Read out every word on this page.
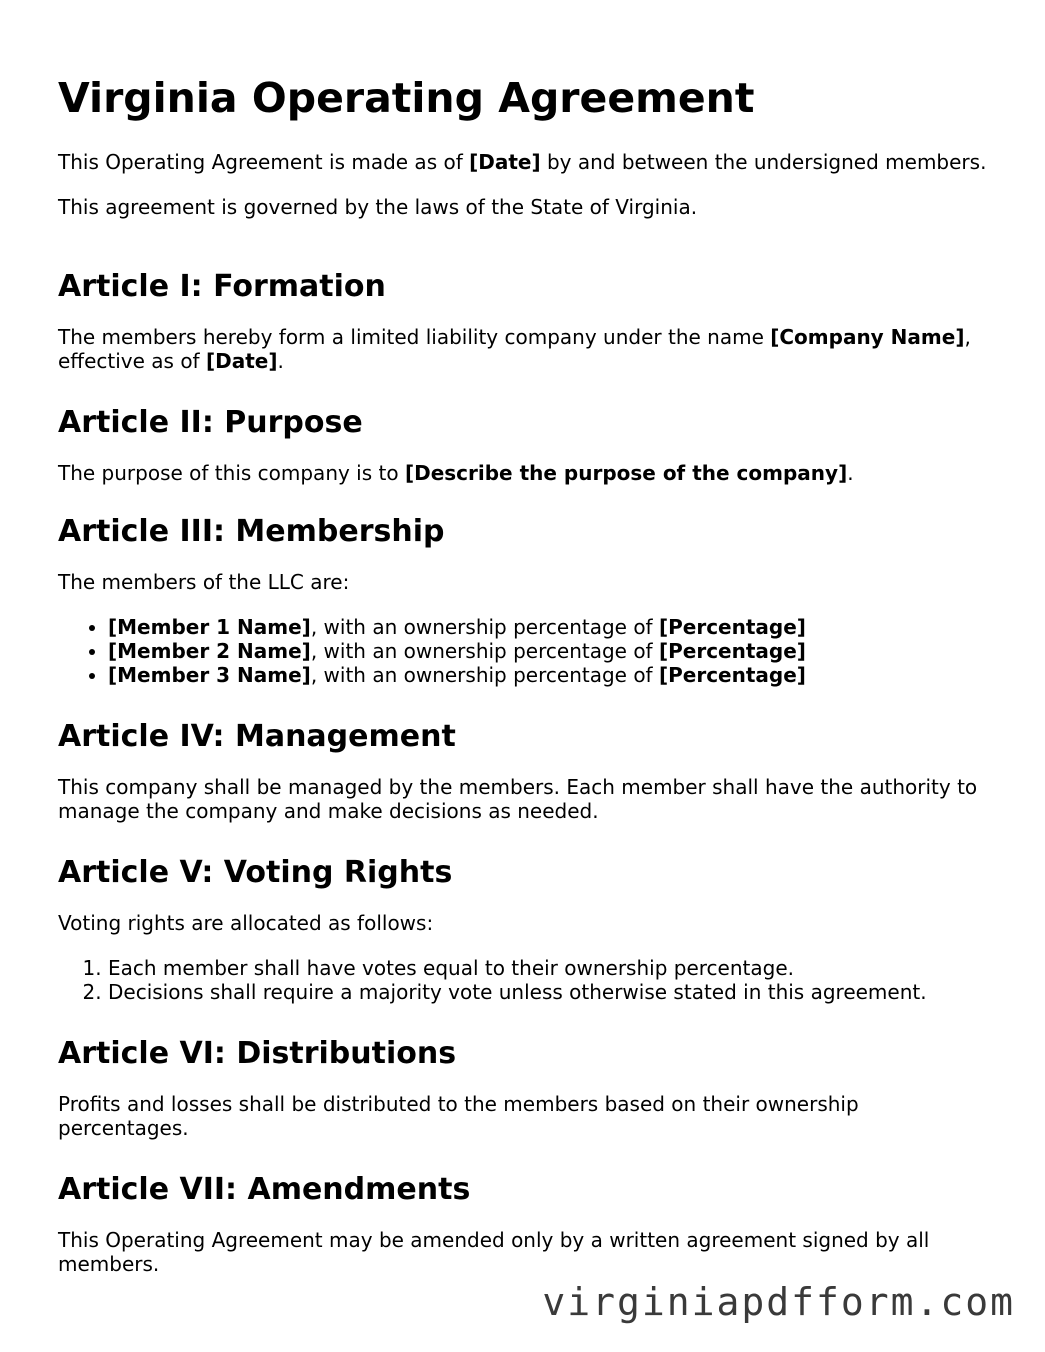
Virginia Operating Agreement

This Operating Agreement is made as of [Date] by and between the undersigned members.

This agreement is governed by the laws of the State of Virginia.

Article I: Formation

The members hereby form a limited liability company under the name [Company Name], effective as of [Date].

Article II: Purpose

The purpose of this company is to [Describe the purpose of the company].

Article III: Membership

The members of the LLC are:

• [Member 1 Name], with an ownership percentage of [Percentage]
• [Member 2 Name], with an ownership percentage of [Percentage]
• [Member 3 Name], with an ownership percentage of [Percentage]
Article IV: Management

This company shall be managed by the members. Each member shall have the authority to manage the company and make decisions as needed.

Article V: Voting Rights

Voting rights are allocated as follows:

1. Each member shall have votes equal to their ownership percentage.
2. Decisions shall require a majority vote unless otherwise stated in this agreement.
Article VI: Distributions

Profits and losses shall be distributed to the members based on their ownership percentages.

Article VII: Amendments

This Operating Agreement may be amended only by a written agreement signed by all members.

virginiapdfform.com
